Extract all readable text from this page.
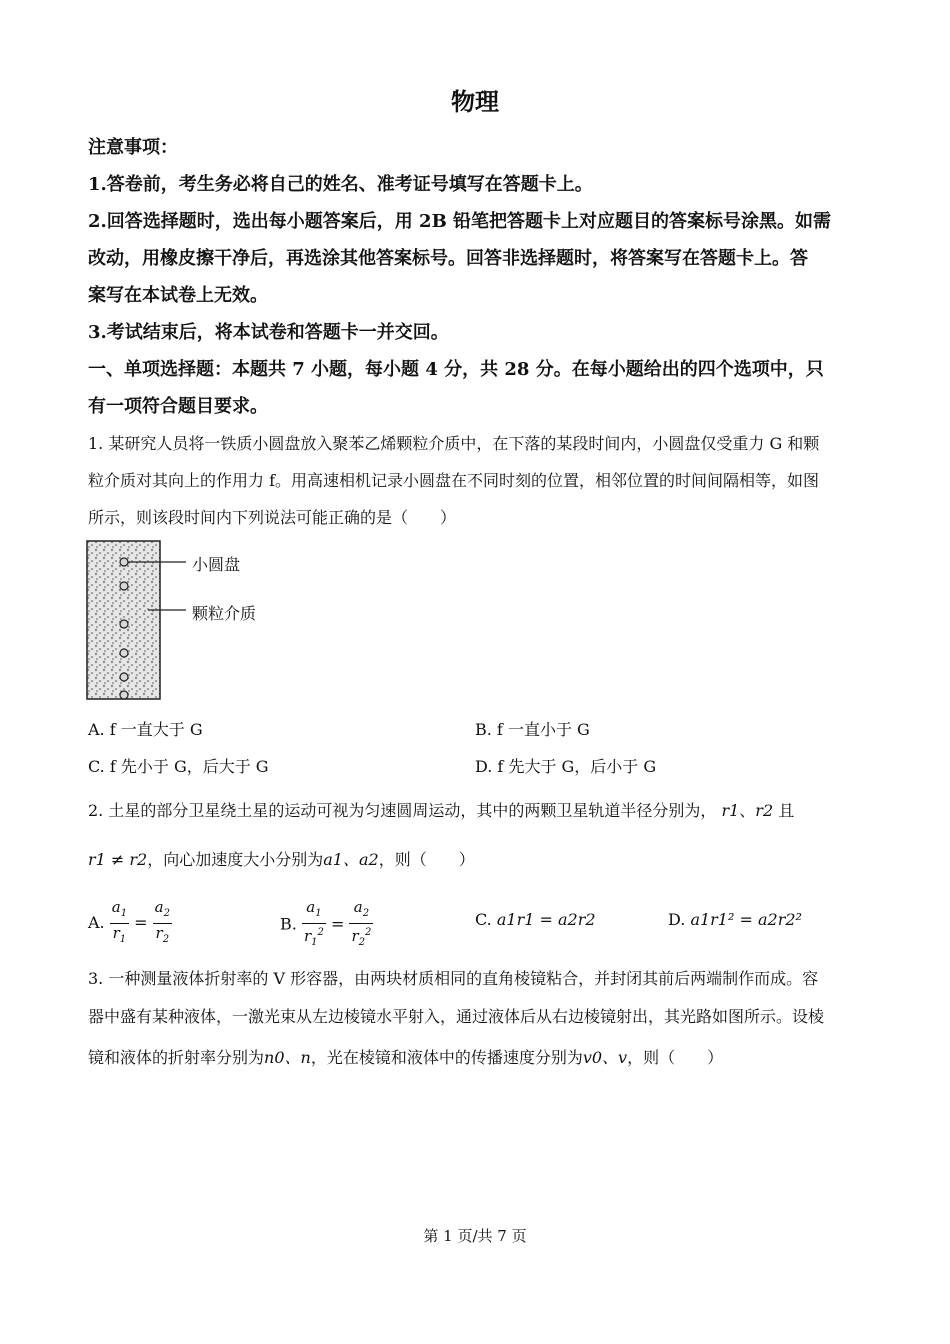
物理
注意事项：
1.答卷前，考生务必将自己的姓名、准考证号填写在答题卡上。
2.回答选择题时，选出每小题答案后，用 2B 铅笔把答题卡上对应题目的答案标号涂黑。如需
改动，用橡皮擦干净后，再选涂其他答案标号。回答非选择题时，将答案写在答题卡上。答
案写在本试卷上无效。
3.考试结束后，将本试卷和答题卡一并交回。
一、单项选择题：本题共 7 小题，每小题 4 分，共 28 分。在每小题给出的四个选项中，只
有一项符合题目要求。
1. 某研究人员将一铁质小圆盘放入聚苯乙烯颗粒介质中，在下落的某段时间内，小圆盘仅受重力 G 和颗
粒介质对其向上的作用力 f。用高速相机记录小圆盘在不同时刻的位置，相邻位置的时间间隔相等，如图
所示，则该段时间内下列说法可能正确的是（　　）
小圆盘
颗粒介质
A. f 一直大于 G	B. f 一直小于 G
C. f 先小于 G，后大于 G	D. f 先大于 G，后小于 G
2. 土星的部分卫星绕土星的运动可视为匀速圆周运动，其中的两颗卫星轨道半径分别为， r1、r2 且
r1 ≠ r2，向心加速度大小分别为a1、a2，则（　　）
A. $\frac{a_1}{r_1} = \frac{a_2}{r_2}$	B. $\frac{a_1}{r_1^2} = \frac{a_2}{r_2^2}$	C. a1r1 = a2r2	D. a1r1² = a2r2²
3. 一种测量液体折射率的 V 形容器，由两块材质相同的直角棱镜粘合，并封闭其前后两端制作而成。容
器中盛有某种液体，一激光束从左边棱镜水平射入，通过液体后从右边棱镜射出，其光路如图所示。设棱
镜和液体的折射率分别为n0、n，光在棱镜和液体中的传播速度分别为v0、v，则（　　）
第 1 页/共 7 页
